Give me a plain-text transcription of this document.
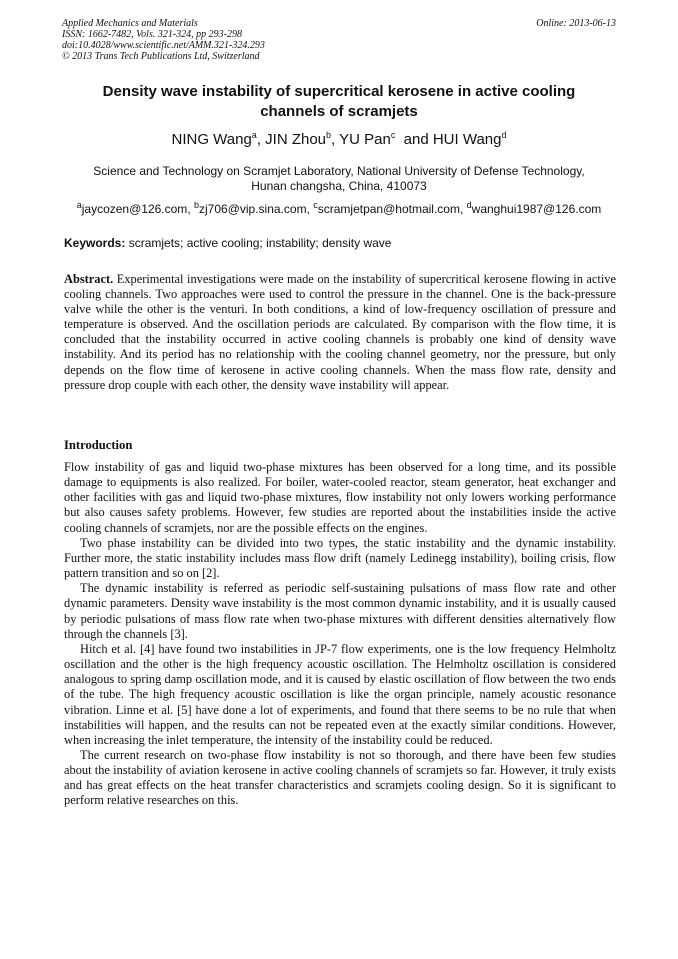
Applied Mechanics and Materials
ISSN: 1662-7482, Vols. 321-324, pp 293-298
doi:10.4028/www.scientific.net/AMM.321-324.293
© 2013 Trans Tech Publications Ltd, Switzerland
Online: 2013-06-13
Density wave instability of supercritical kerosene in active cooling
channels of scramjets
NING Wang$^a$, JIN Zhou$^b$, YU Pan$^c$  and HUI Wang$^d$
Science and Technology on Scramjet Laboratory, National University of Defense Technology,
Hunan changsha, China, 410073
$^a$jaycozen@126.com, $^b$zj706@vip.sina.com, $^c$scramjetpan@hotmail.com, $^d$wanghui1987@126.com
Keywords: scramjets; active cooling; instability; density wave
Abstract. Experimental investigations were made on the instability of supercritical kerosene flowing in active cooling channels. Two approaches were used to control the pressure in the channel. One is the back-pressure valve while the other is the venturi. In both conditions, a kind of low-frequency oscillation of pressure and temperature is observed. And the oscillation periods are calculated. By comparison with the flow time, it is concluded that the instability occurred in active cooling channels is probably one kind of density wave instability. And its period has no relationship with the cooling channel geometry, nor the pressure, but only depends on the flow time of kerosene in active cooling channels. When the mass flow rate, density and pressure drop couple with each other, the density wave instability will appear.
Introduction

Flow instability of gas and liquid two-phase mixtures has been observed for a long time, and its possible damage to equipments is also realized. For boiler, water-cooled reactor, steam generator, heat exchanger and other facilities with gas and liquid two-phase mixtures, flow instability not only lowers working performance but also causes safety problems. However, few studies are reported about the instabilities inside the active cooling channels of scramjets, nor are the possible effects on the engines.

Two phase instability can be divided into two types, the static instability and the dynamic instability. Further more, the static instability includes mass flow drift (namely Ledinegg instability), boiling crisis, flow pattern transition and so on [2].

The dynamic instability is referred as periodic self-sustaining pulsations of mass flow rate and other dynamic parameters. Density wave instability is the most common dynamic instability, and it is usually caused by periodic pulsations of mass flow rate when two-phase mixtures with different densities alternatively flow through the channels [3].

Hitch et al. [4] have found two instabilities in JP-7 flow experiments, one is the low frequency Helmholtz oscillation and the other is the high frequency acoustic oscillation. The Helmholtz oscillation is considered analogous to spring damp oscillation mode, and it is caused by elastic oscillation of flow between the two ends of the tube. The high frequency acoustic oscillation is like the organ principle, namely acoustic resonance vibration. Linne et al. [5] have done a lot of experiments, and found that there seems to be no rule that when instabilities will happen, and the results can not be repeated even at the exactly similar conditions. However, when increasing the inlet temperature, the intensity of the instability could be reduced.

The current research on two-phase flow instability is not so thorough, and there have been few studies about the instability of aviation kerosene in active cooling channels of scramjets so far. However, it truly exists and has great effects on the heat transfer characteristics and scramjets cooling design. So it is significant to perform relative researches on this.
